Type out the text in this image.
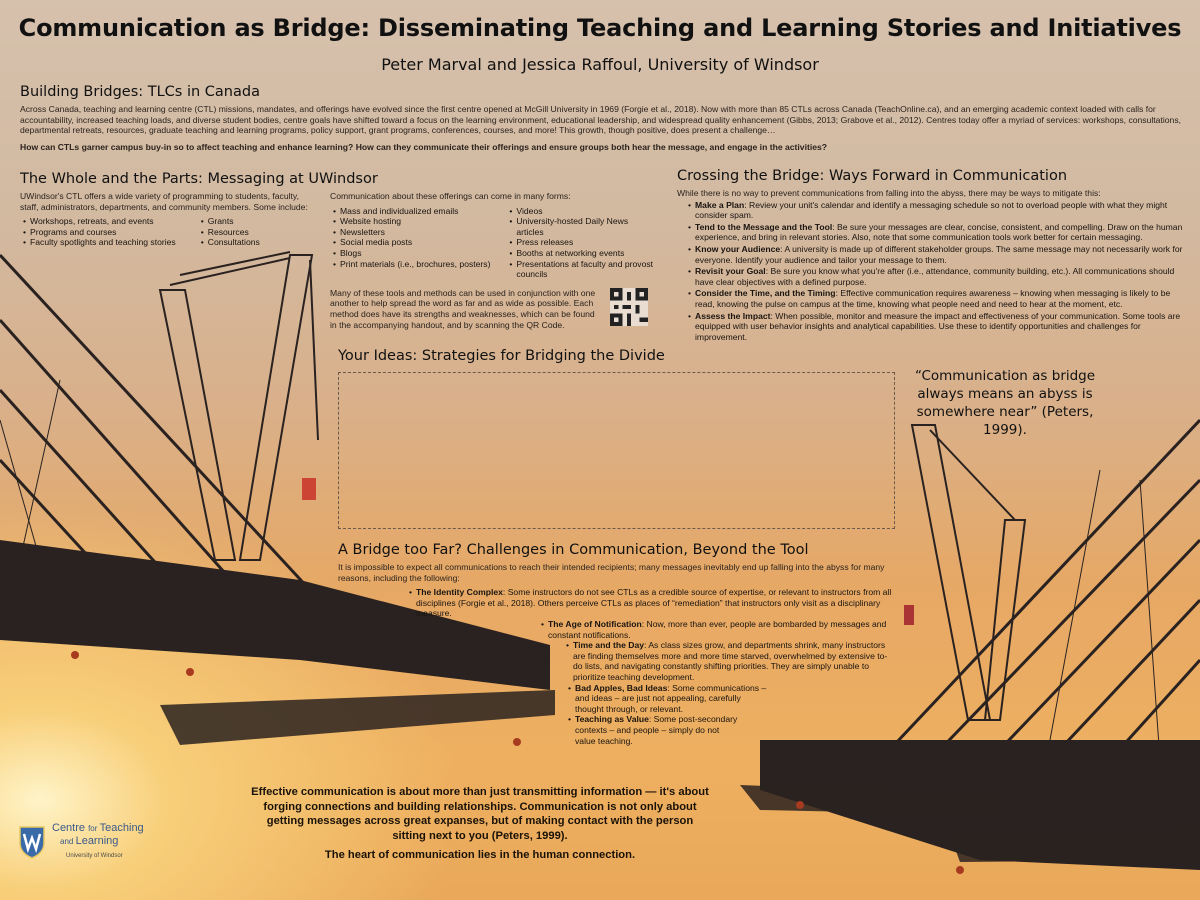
Communication as Bridge: Disseminating Teaching and Learning Stories and Initiatives
Peter Marval and Jessica Raffoul, University of Windsor
Building Bridges: TLCs in Canada

Across Canada, teaching and learning centre (CTL) missions, mandates, and offerings have evolved since the first centre opened at McGill University in 1969 (Forgie et al., 2018). Now with more than 85 CTLs across Canada (TeachOnline.ca), and an emerging academic context loaded with calls for accountability, increased teaching loads, and diverse student bodies, centre goals have shifted toward a focus on the learning environment, educational leadership, and widespread quality enhancement (Gibbs, 2013; Grabove et al., 2012). Centres today offer a myriad of services: workshops, consultations, departmental retreats, resources, graduate teaching and learning programs, policy support, grant programs, conferences, courses, and more! This growth, though positive, does present a challenge…

How can CTLs garner campus buy-in so to affect teaching and enhance learning? How can they communicate their offerings and ensure groups both hear the message, and engage in the activities?

The Whole and the Parts: Messaging at UWindsor

UWindsor's CTL offers a wide variety of programming to students, faculty, staff, administrators, departments, and community members. Some include:

• Workshops, retreats, and events
• Programs and courses
• Faculty spotlights and teaching stories
• Grants
• Resources
• Consultations

Communication about these offerings can come in many forms:

• Mass and individualized emails
• Website hosting
• Newsletters
• Social media posts
• Blogs
• Print materials (i.e., brochures, posters)
• Videos
• University-hosted Daily News articles
• Press releases
• Booths at networking events
• Presentations at faculty and provost councils

Many of these tools and methods can be used in conjunction with one another to help spread the word as far and as wide as possible. Each method does have its strengths and weaknesses, which can be found in the accompanying handout, and by scanning the QR Code.

Crossing the Bridge: Ways Forward in Communication

While there is no way to prevent communications from falling into the abyss, there may be ways to mitigate this:

• Make a Plan: Review your unit's calendar and identify a messaging schedule so not to overload people with what they might consider spam.
• Tend to the Message and the Tool: Be sure your messages are clear, concise, consistent, and compelling. Draw on the human experience, and bring in relevant stories. Also, note that some communication tools work better for certain messaging.
• Know your Audience: A university is made up of different stakeholder groups. The same message may not necessarily work for everyone. Identify your audience and tailor your message to them.
• Revisit your Goal: Be sure you know what you're after (i.e., attendance, community building, etc.). All communications should have clear objectives with a defined purpose.
• Consider the Time, and the Timing: Effective communication requires awareness – knowing when messaging is likely to be read, knowing the pulse on campus at the time, knowing what people need and need to hear at the moment, etc.
• Assess the Impact: When possible, monitor and measure the impact and effectiveness of your communication. Some tools are equipped with user behavior insights and analytical capabilities. Use these to identify opportunities and challenges for improvement.
Your Ideas: Strategies for Bridging the Divide
“Communication as bridge always means an abyss is somewhere near” (Peters, 1999).
A Bridge too Far? Challenges in Communication, Beyond the Tool

It is impossible to expect all communications to reach their intended recipients; many messages inevitably end up falling into the abyss for many reasons, including the following:

• The Identity Complex: Some instructors do not see CTLs as a credible source of expertise, or relevant to instructors from all disciplines (Forgie et al., 2018). Others perceive CTLs as places of “remediation” that instructors only visit as a disciplinary measure.
• The Age of Notification: Now, more than ever, people are bombarded by messages and constant notifications.
• Time and the Day: As class sizes grow, and departments shrink, many instructors are finding themselves more and more time starved, overwhelmed by extensive to-do lists, and navigating constantly shifting priorities. They are simply unable to prioritize teaching development.
• Bad Apples, Bad Ideas: Some communications – and ideas – are just not appealing, carefully thought through, or relevant.
• Teaching as Value: Some post-secondary contexts – and people – simply do not value teaching.

Effective communication is about more than just transmitting information — it's about forging connections and building relationships. Communication is not only about getting messages across great expanses, but of making contact with the person sitting next to you (Peters, 1999).

The heart of communication lies in the human connection.

Centre for Teaching
and Learning
University of Windsor
